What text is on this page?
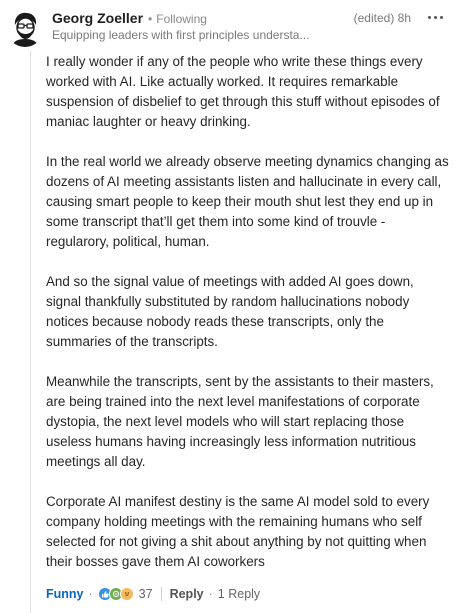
Georg Zoeller • Following
Equipping leaders with first principles understa...
(edited) 8h

I really wonder if any of the people who write these things every worked with AI. Like actually worked. It requires remarkable suspension of disbelief to get through this stuff without episodes of maniac laughter or heavy drinking.

In the real world we already observe meeting dynamics changing as dozens of AI meeting assistants listen and hallucinate in every call, causing smart people to keep their mouth shut lest they end up in some transcript that’ll get them into some kind of trouvle - regularory, political, human.

And so the signal value of meetings with added AI goes down, signal thankfully substituted by random hallucinations nobody notices because nobody reads these transcripts, only the summaries of the transcripts.

Meanwhile the transcripts, sent by the assistants to their masters, are being trained into the next level manifestations of corporate dystopia, the next level models who will start replacing those useless humans having increasingly less information nutritious meetings all day.

Corporate AI manifest destiny is the same AI model sold to every company holding meetings with the remaining humans who self selected for not giving a shit about anything by not quitting when their bosses gave them AI coworkers

Funny ·	37 Reply · 1 Reply
